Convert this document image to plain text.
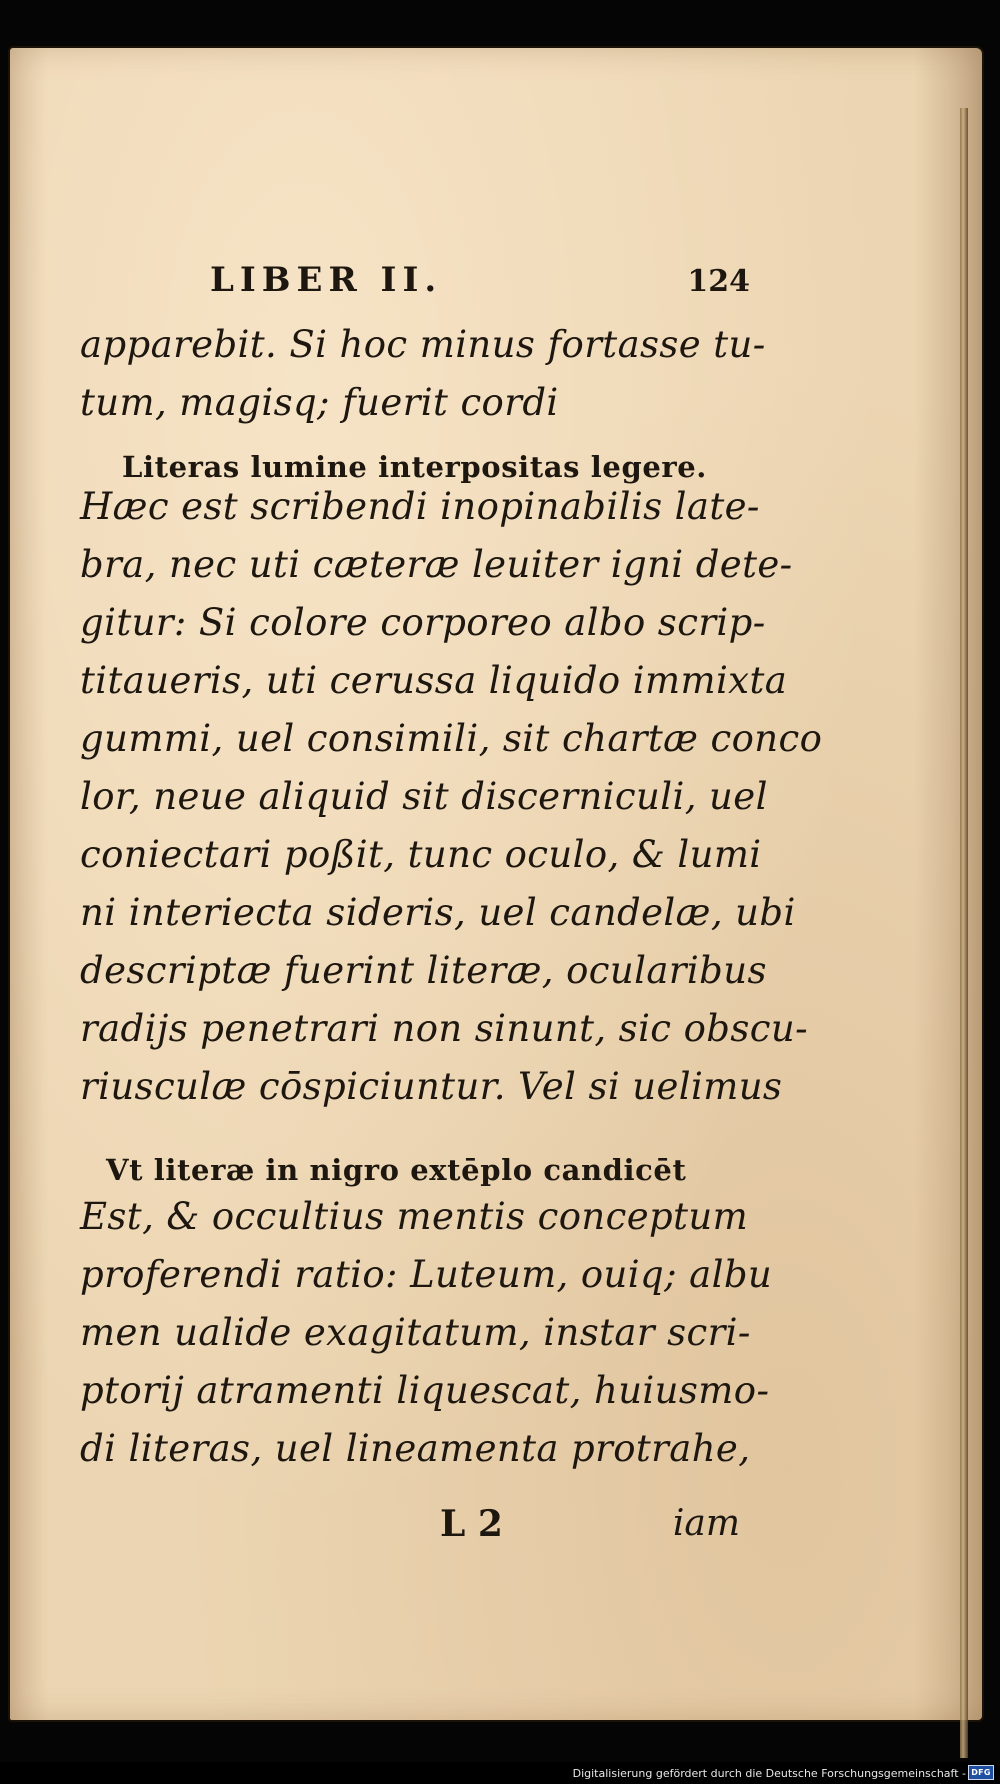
LIBER II.	124
apparebit. Si hoc minus fortasse tu-
tum, magisq; fuerit cordi
Literas lumine interpositas legere.
Hæc est scribendi inopinabilis late-
bra, nec uti cæteræ leuiter igni dete-
gitur: Si colore corporeo albo scrip-
titaueris, uti cerussa liquido immixta
gummi, uel consimili, sit chartæ conco
lor, neue aliquid sit discerniculi, uel
coniectari poßit, tunc oculo, & lumi
ni interiecta sideris, uel candelæ, ubi
descriptæ fuerint literæ, ocularibus
radijs penetrari non sinunt, sic obscu-
riusculæ cōspiciuntur. Vel si uelimus
Vt literæ in nigro extēplo candicēt
Est, & occultius mentis conceptum
proferendi ratio: Luteum, ouiq; albu
men ualide exagitatum, instar scri-
ptorij atramenti liquescat, huiusmo-
di literas, uel lineamenta protrahe,
L 2	iam
Digitalisierung gefördert durch die Deutsche Forschungsgemeinschaft - DFG
